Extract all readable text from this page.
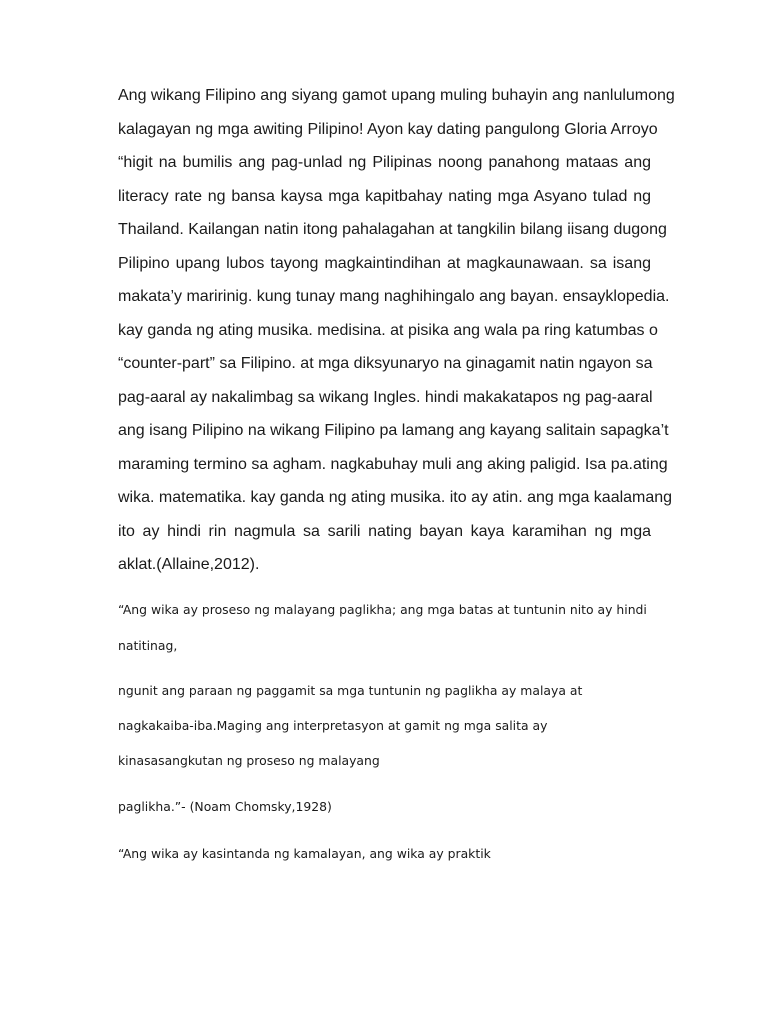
Ang wikang Filipino ang siyang gamot upang muling buhayin ang nanlulumong
kalagayan ng mga awiting Pilipino! Ayon kay dating pangulong Gloria Arroyo
“higit na bumilis ang pag-unlad ng Pilipinas noong panahong mataas ang
literacy rate ng bansa kaysa mga kapitbahay nating mga Asyano tulad ng
Thailand. Kailangan natin itong pahalagahan at tangkilin bilang iisang dugong
Pilipino upang lubos tayong magkaintindihan at magkaunawaan. sa isang
makata’y maririnig. kung tunay mang naghihingalo ang bayan. ensayklopedia.
kay ganda ng ating musika. medisina. at pisika ang wala pa ring katumbas o
“counter-part” sa Filipino. at mga diksyunaryo na ginagamit natin ngayon sa
pag-aaral ay nakalimbag sa wikang Ingles. hindi makakatapos ng pag-aaral
ang isang Pilipino na wikang Filipino pa lamang ang kayang salitain sapagka’t
maraming termino sa agham. nagkabuhay muli ang aking paligid. Isa pa.ating
wika. matematika. kay ganda ng ating musika. ito ay atin. ang mga kaalamang
ito ay hindi rin nagmula sa sarili nating bayan kaya karamihan ng mga
aklat.(Allaine,2012).
“Ang wika ay proseso ng malayang paglikha; ang mga batas at tuntunin nito ay hindi
natitinag,
ngunit ang paraan ng paggamit sa mga tuntunin ng paglikha ay malaya at
nagkakaiba-iba.Maging ang interpretasyon at gamit ng mga salita ay
kinasasangkutan ng proseso ng malayang
paglikha.”- (Noam Chomsky,1928)
“Ang wika ay kasintanda ng kamalayan, ang wika ay praktik
